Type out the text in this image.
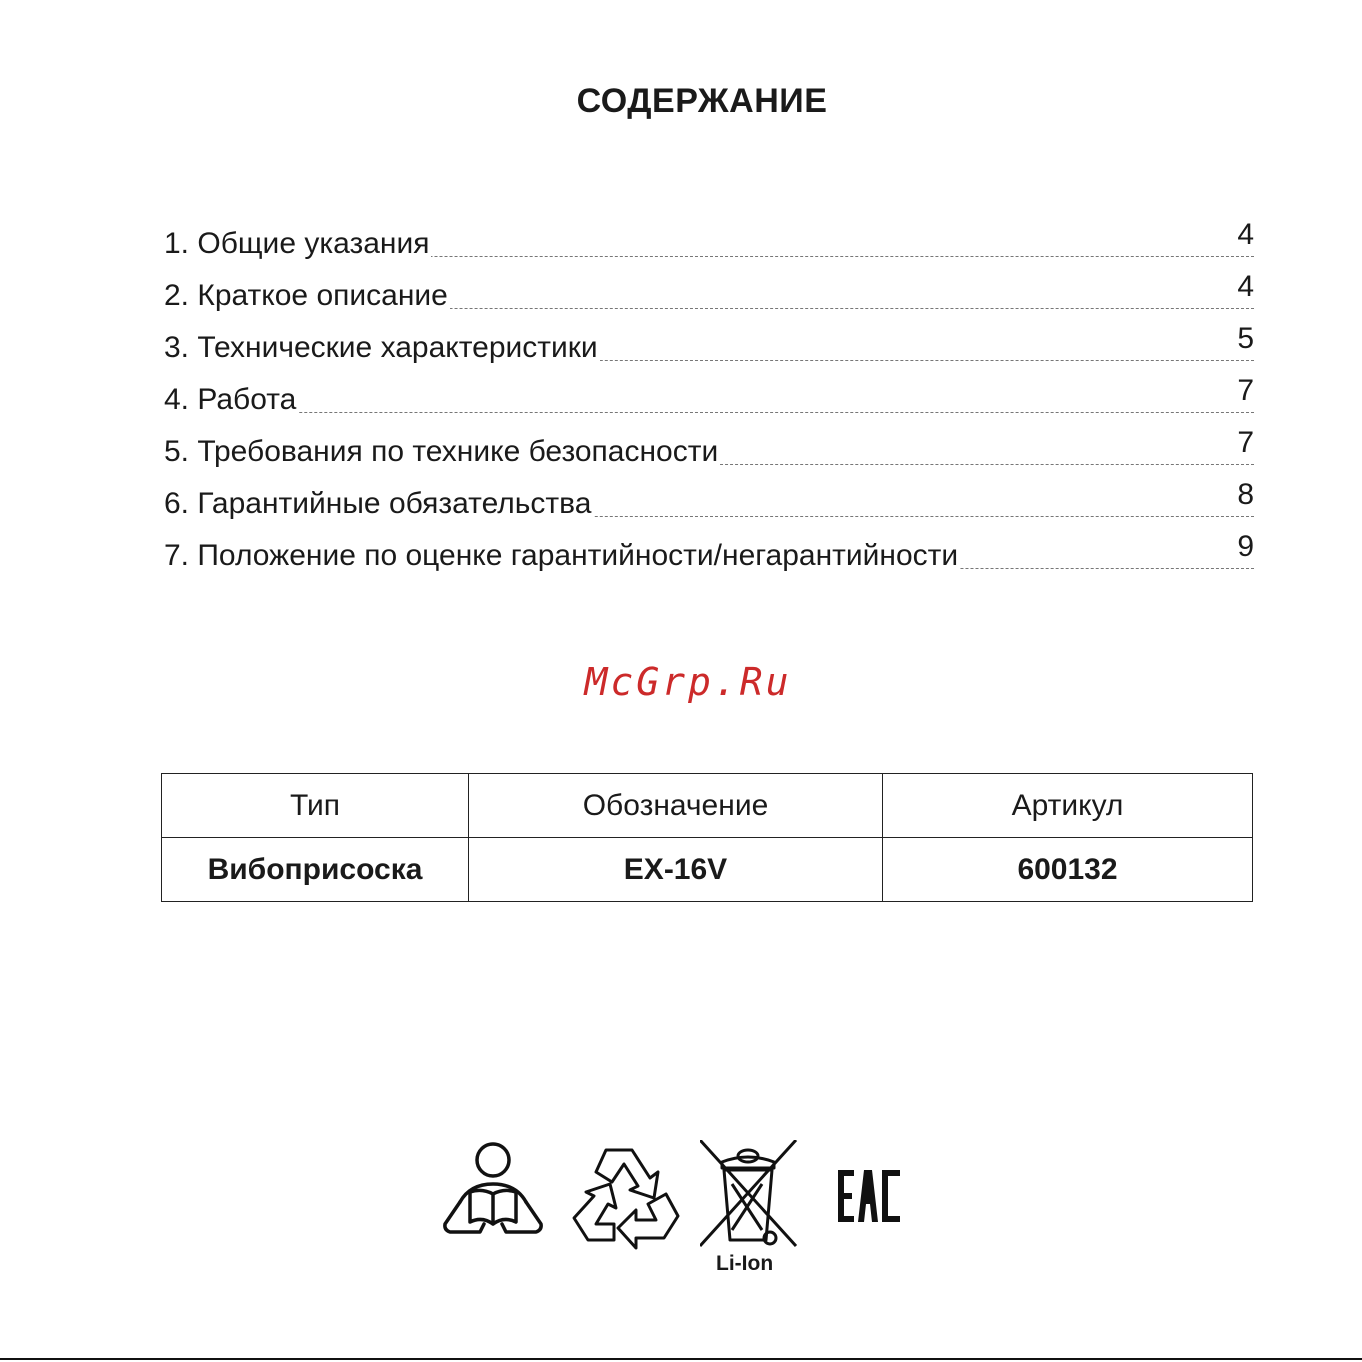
СОДЕРЖАНИЕ
1. Общие указания	4
2. Краткое описание	4
3. Технические характеристики	5
4. Работа	7
5. Требования по технике безопасности	7
6. Гарантийные обязательства	8
7. Положение по оценке гарантийности/негарантийности	9
McGrp.Ru
Тип	Обозначение	Артикул
Вибоприсоска	EX-16V	600132
Li-Ion
